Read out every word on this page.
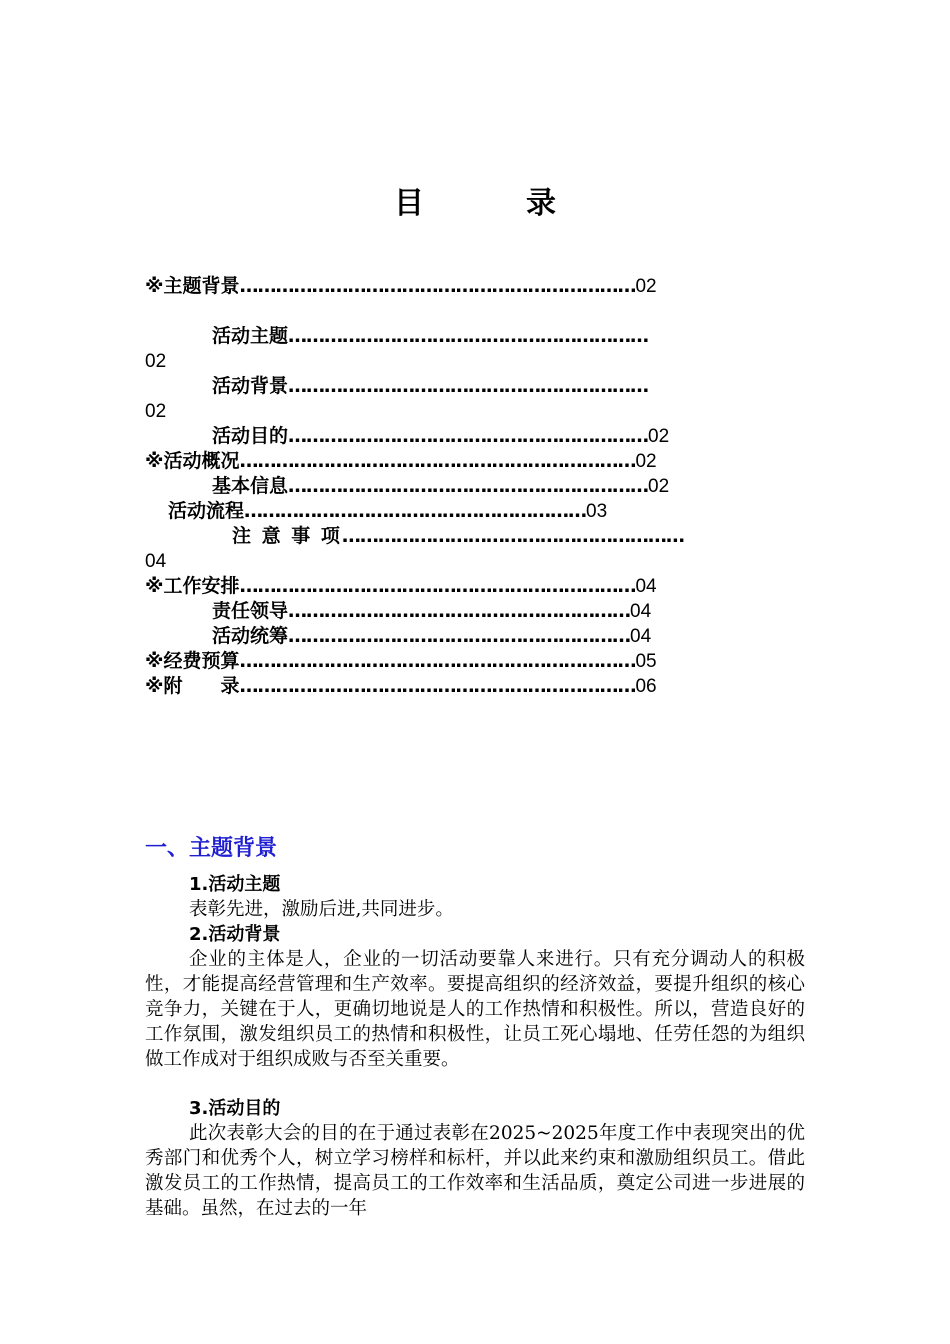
目　录
※主题背景…………………………………………………………02
活动主题……………………………………………………
02
活动背景……………………………………………………
02
活动目的……………………………………………………02
※活动概况…………………………………………………………02
基本信息……………………………………………………02
活动流程…………………………………………………03
注 意 事 项…………………………………………………
04
※工作安排…………………………………………………………04
责任领导…………………………………………………04
活动统筹…………………………………………………04
※经费预算…………………………………………………………05
※附　　录…………………………………………………………06
一、主题背景
1.活动主题
表彰先进，激励后进,共同进步。
2.活动背景
企业的主体是人，企业的一切活动要靠人来进行。只有充分调动人的积极性，才能提高经营管理和生产效率。要提高组织的经济效益，要提升组织的核心竞争力，关键在于人，更确切地说是人的工作热情和积极性。所以，营造良好的工作氛围，激发组织员工的热情和积极性，让员工死心塌地、任劳任怨的为组织做工作成对于组织成败与否至关重要。
3.活动目的
此次表彰大会的目的在于通过表彰在2025~2025年度工作中表现突出的优秀部门和优秀个人，树立学习榜样和标杆，并以此来约束和激励组织员工。借此激发员工的工作热情，提高员工的工作效率和生活品质，奠定公司进一步进展的基础。虽然，在过去的一年
